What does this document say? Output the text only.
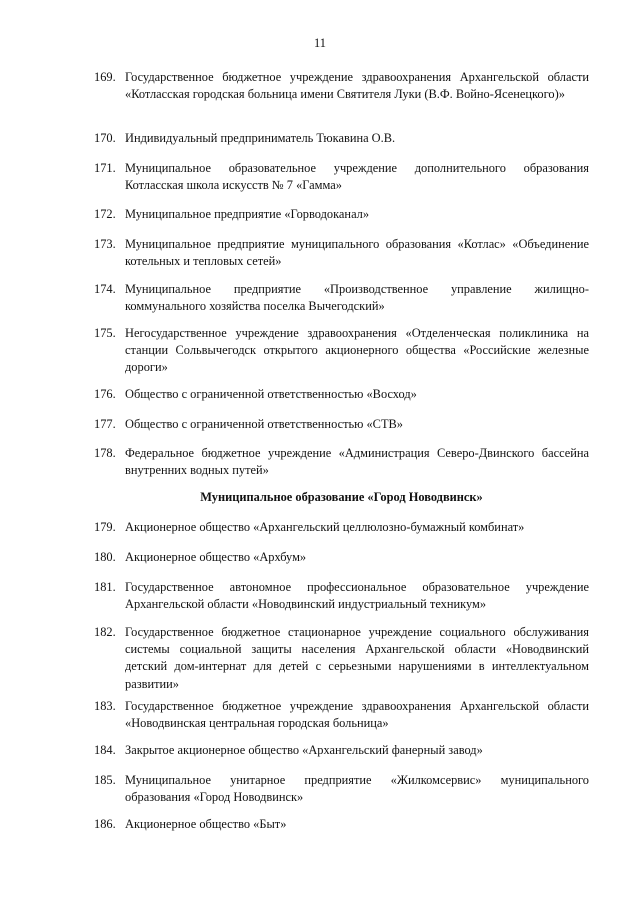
11
169. Государственное бюджетное учреждение здравоохранения Архангельской области «Котласская городская больница имени Святителя Луки (В.Ф. Войно-Ясенецкого)»
170. Индивидуальный предприниматель Тюкавина О.В.
171. Муниципальное образовательное учреждение дополнительного образования Котласская школа искусств № 7 «Гамма»
172. Муниципальное предприятие «Горводоканал»
173. Муниципальное предприятие муниципального образования «Котлас» «Объединение котельных и тепловых сетей»
174. Муниципальное предприятие «Производственное управление жилищно-коммунального хозяйства поселка Вычегодский»
175. Негосударственное учреждение здравоохранения «Отделенческая поликлиника на станции Сольвычегодск открытого акционерного общества «Российские железные дороги»
176. Общество с ограниченной ответственностью «Восход»
177. Общество с ограниченной ответственностью «СТВ»
178. Федеральное бюджетное учреждение «Администрация Северо-Двинского бассейна внутренних водных путей»
Муниципальное образование «Город Новодвинск»
179. Акционерное общество «Архангельский целлюлозно-бумажный комбинат»
180. Акционерное общество «Архбум»
181. Государственное автономное профессиональное образовательное учреждение Архангельской области «Новодвинский индустриальный техникум»
182. Государственное бюджетное стационарное учреждение социального обслуживания системы социальной защиты населения Архангельской области «Новодвинский детский дом-интернат для детей с серьезными нарушениями в интеллектуальном развитии»
183. Государственное бюджетное учреждение здравоохранения Архангельской области «Новодвинская центральная городская больница»
184. Закрытое акционерное общество «Архангельский фанерный завод»
185. Муниципальное унитарное предприятие «Жилкомсервис» муниципального образования «Город Новодвинск»
186. Акционерное общество «Быт»
